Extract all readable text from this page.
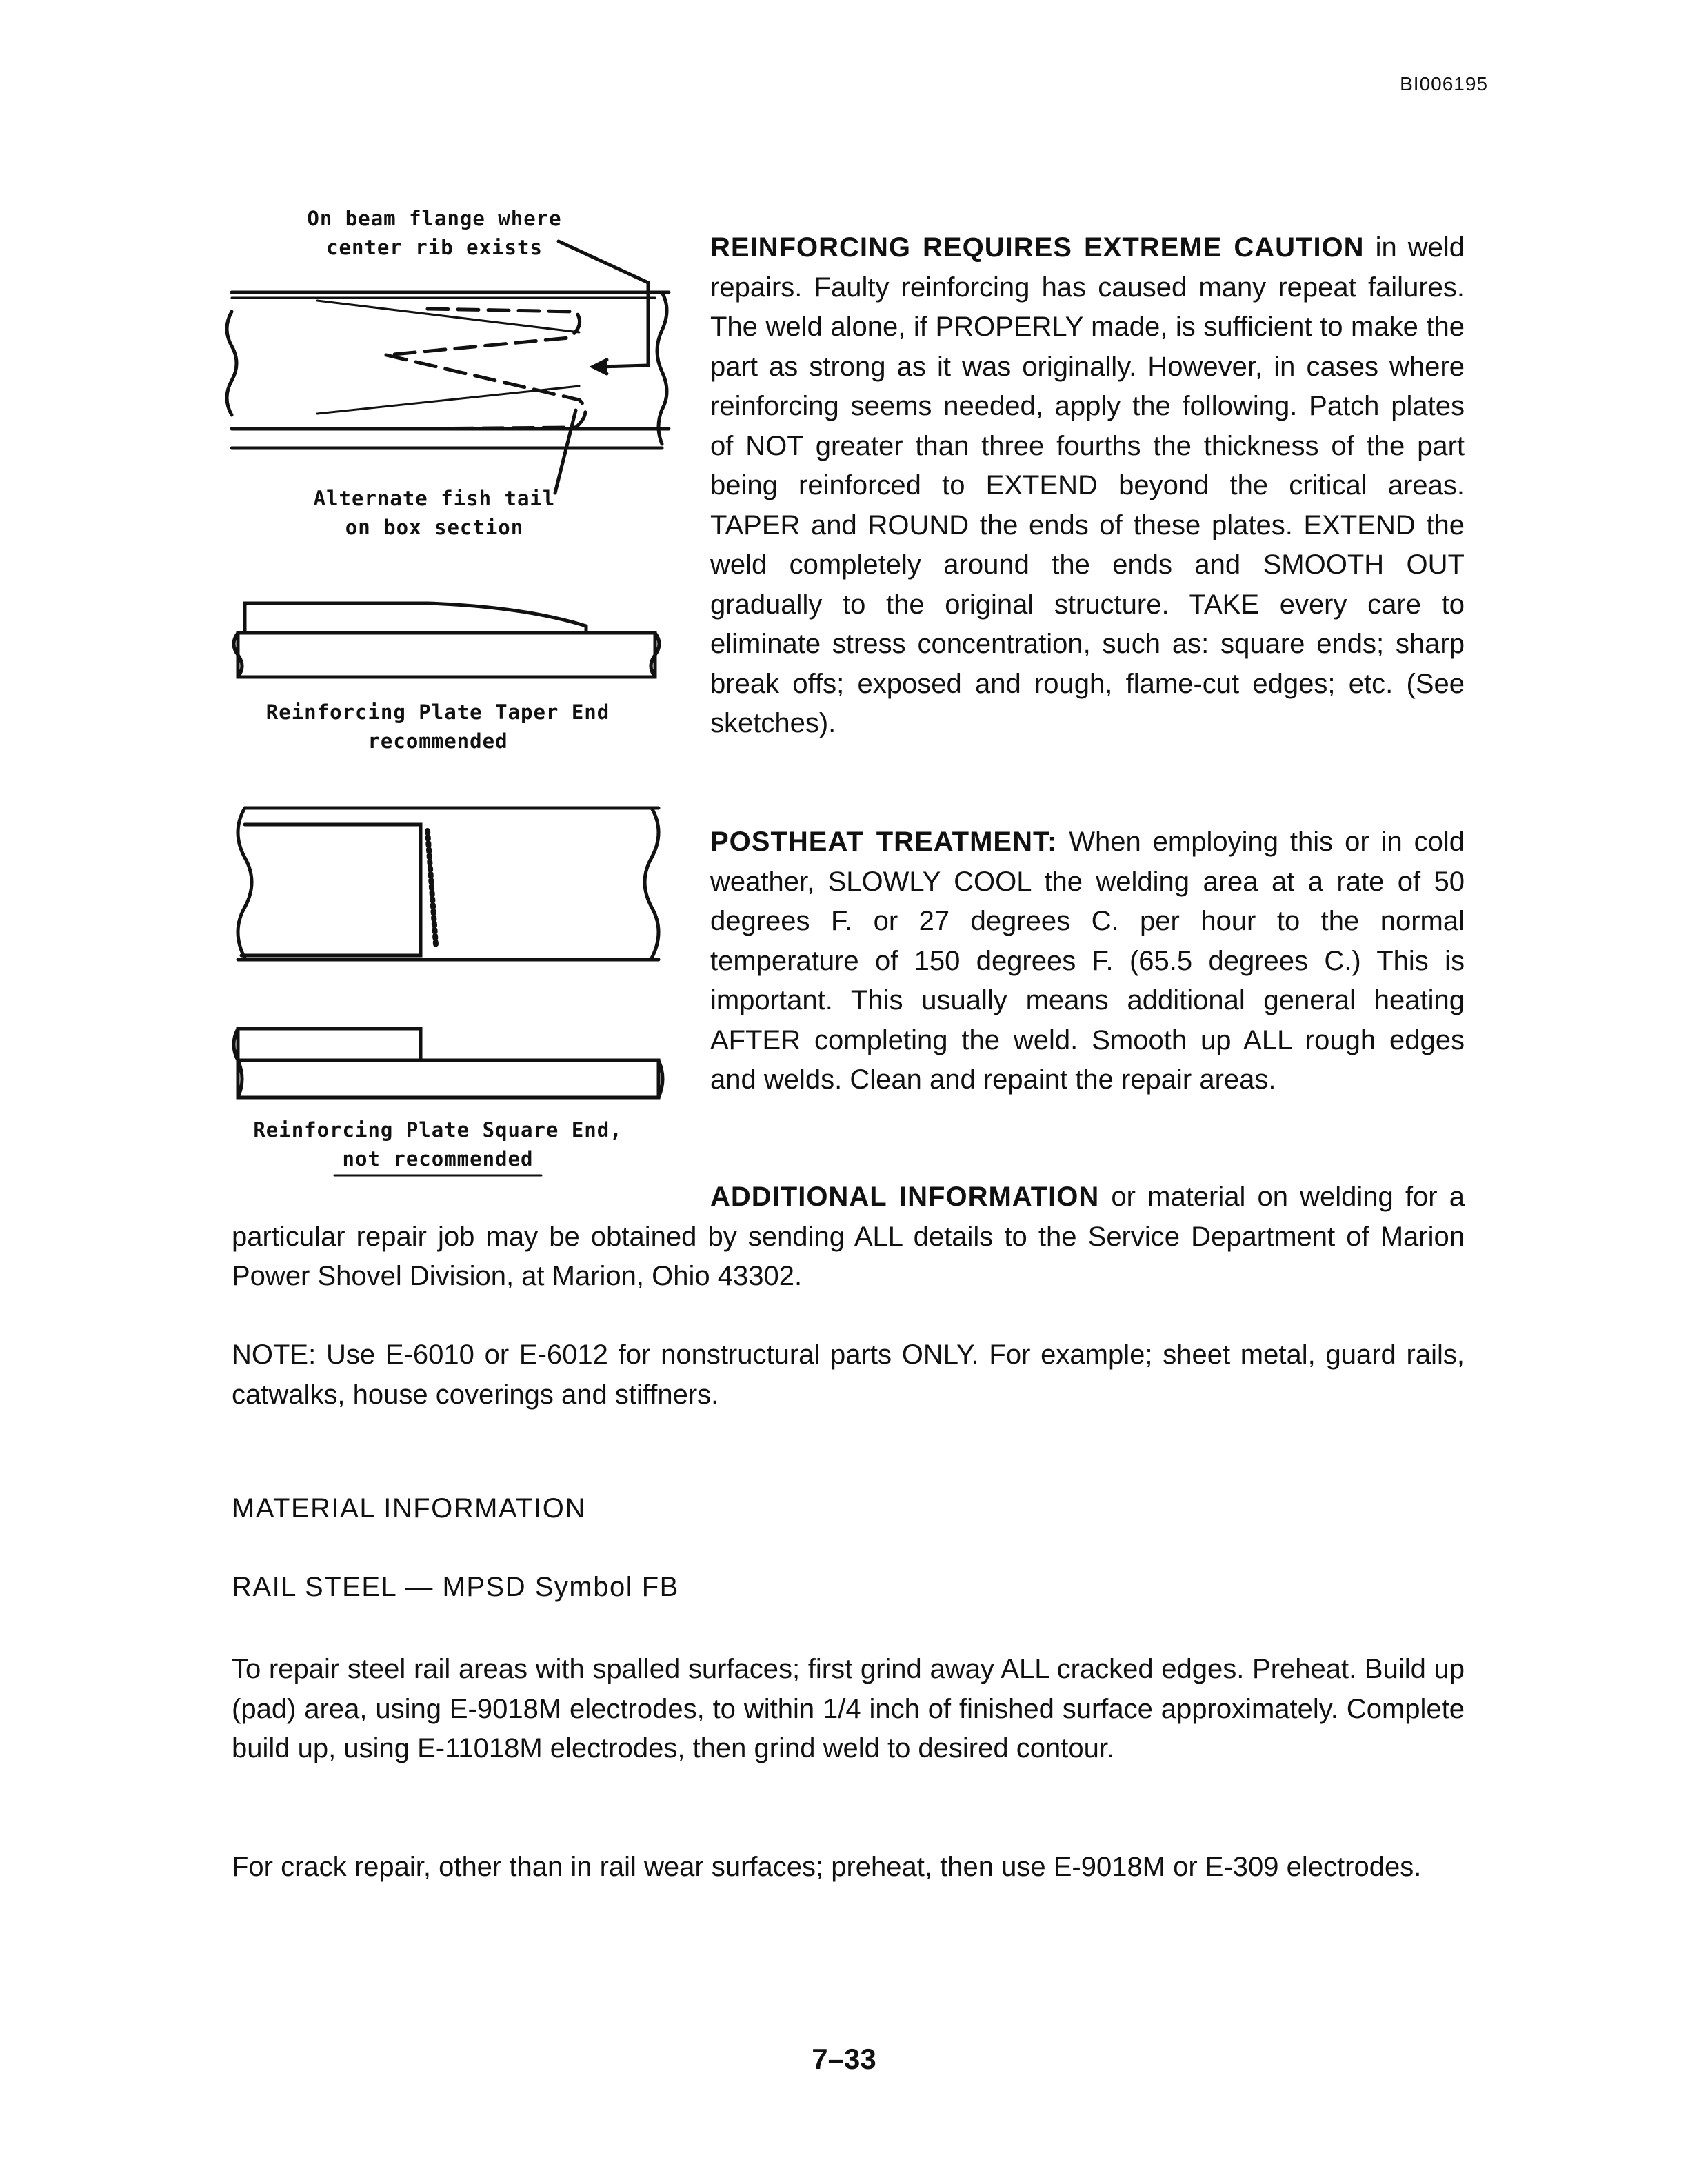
BI006195
On beam flange where
center rib exists
Alternate fish tail
on box section
Reinforcing Plate Taper End
recommended
Reinforcing Plate Square End,
not recommended
REINFORCING REQUIRES EXTREME CAUTION in weld repairs. Faulty reinforcing has caused many repeat failures. The weld alone, if PROPERLY made, is sufficient to make the part as strong as it was originally. However, in cases where reinforcing seems needed, apply the following. Patch plates of NOT greater than three fourths the thickness of the part being reinforced to EXTEND beyond the critical areas. TAPER and ROUND the ends of these plates. EXTEND the weld completely around the ends and SMOOTH OUT gradually to the original structure. TAKE every care to eliminate stress concentration, such as: square ends; sharp break offs; exposed and rough, flame-cut edges; etc. (See sketches).
POSTHEAT TREATMENT: When employing this or in cold weather, SLOWLY COOL the welding area at a rate of 50 degrees F. or 27 degrees C. per hour to the normal temperature of 150 degrees F. (65.5 degrees C.) This is important. This usually means additional general heating AFTER completing the weld. Smooth up ALL rough edges and welds. Clean and repaint the repair areas.
ADDITIONAL INFORMATION or material on welding for a particular repair job may be obtained by sending ALL details to the Service Department of Marion Power Shovel Division, at Marion, Ohio 43302.
NOTE: Use E-6010 or E-6012 for nonstructural parts ONLY. For example; sheet metal, guard rails, catwalks, house coverings and stiffners.
MATERIAL INFORMATION
RAIL STEEL — MPSD Symbol FB
To repair steel rail areas with spalled surfaces; first grind away ALL cracked edges. Preheat. Build up (pad) area, using E-9018M electrodes, to within 1/4 inch of finished surface approximately. Complete build up, using E-11018M electrodes, then grind weld to desired contour.
For crack repair, other than in rail wear surfaces; preheat, then use E-9018M or E-309 electrodes.
7–33
